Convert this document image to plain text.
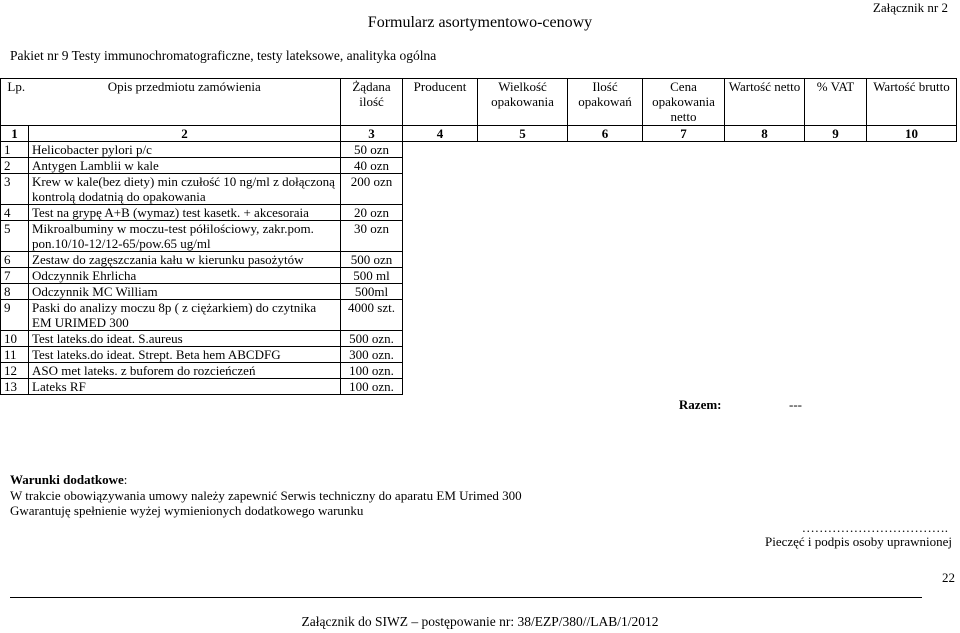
Załącznik nr 2
Formularz asortymentowo-cenowy
Pakiet nr 9 Testy immunochromatograficzne, testy lateksowe, analityka ogólna
Lp.	Opis przedmiotu zamówienia	Żądana ilość	Producent	Wielkość opakowania	Ilość opakowań	Cena opakowania netto	Wartość netto	% VAT	Wartość brutto
1	2	3	4	5	6	7	8	9	10
1	Helicobacter pylori p/c	50 ozn							
2	Antygen Lamblii w kale	40 ozn							
3	Krew w kale(bez diety) min czułość 10 ng/ml z dołączoną kontrolą dodatnią do opakowania	200 ozn							
4	Test na grypę A+B (wymaz) test kasetk. + akcesoraia	20 ozn							
5	Mikroalbuminy w moczu-test półilościowy, zakr.pom. pon.10/10-12/12-65/pow.65 ug/ml	30 ozn							
6	Zestaw do zagęszczania kału w kierunku pasożytów	500 ozn							
7	Odczynnik Ehrlicha	500 ml							
8	Odczynnik MC William	500ml							
9	Paski do analizy moczu 8p ( z ciężarkiem) do czytnika EM URIMED 300	4000 szt.							
10	Test lateks.do ideat. S.aureus	500 ozn.							
11	Test lateks.do ideat. Strept. Beta hem ABCDFG	300 ozn.							
12	ASO met lateks. z buforem do rozcieńczeń	100 ozn.							
13	Lateks RF	100 ozn.							
						Razem:	---		
Warunki dodatkowe:
W trakcie obowiązywania umowy należy zapewnić Serwis techniczny do aparatu EM Urimed 300
Gwarantuję spełnienie wyżej wymienionych dodatkowego warunku
…………………………….
Pieczęć i podpis osoby uprawnionej
22
Załącznik do SIWZ – postępowanie nr: 38/EZP/380//LAB/1/2012
